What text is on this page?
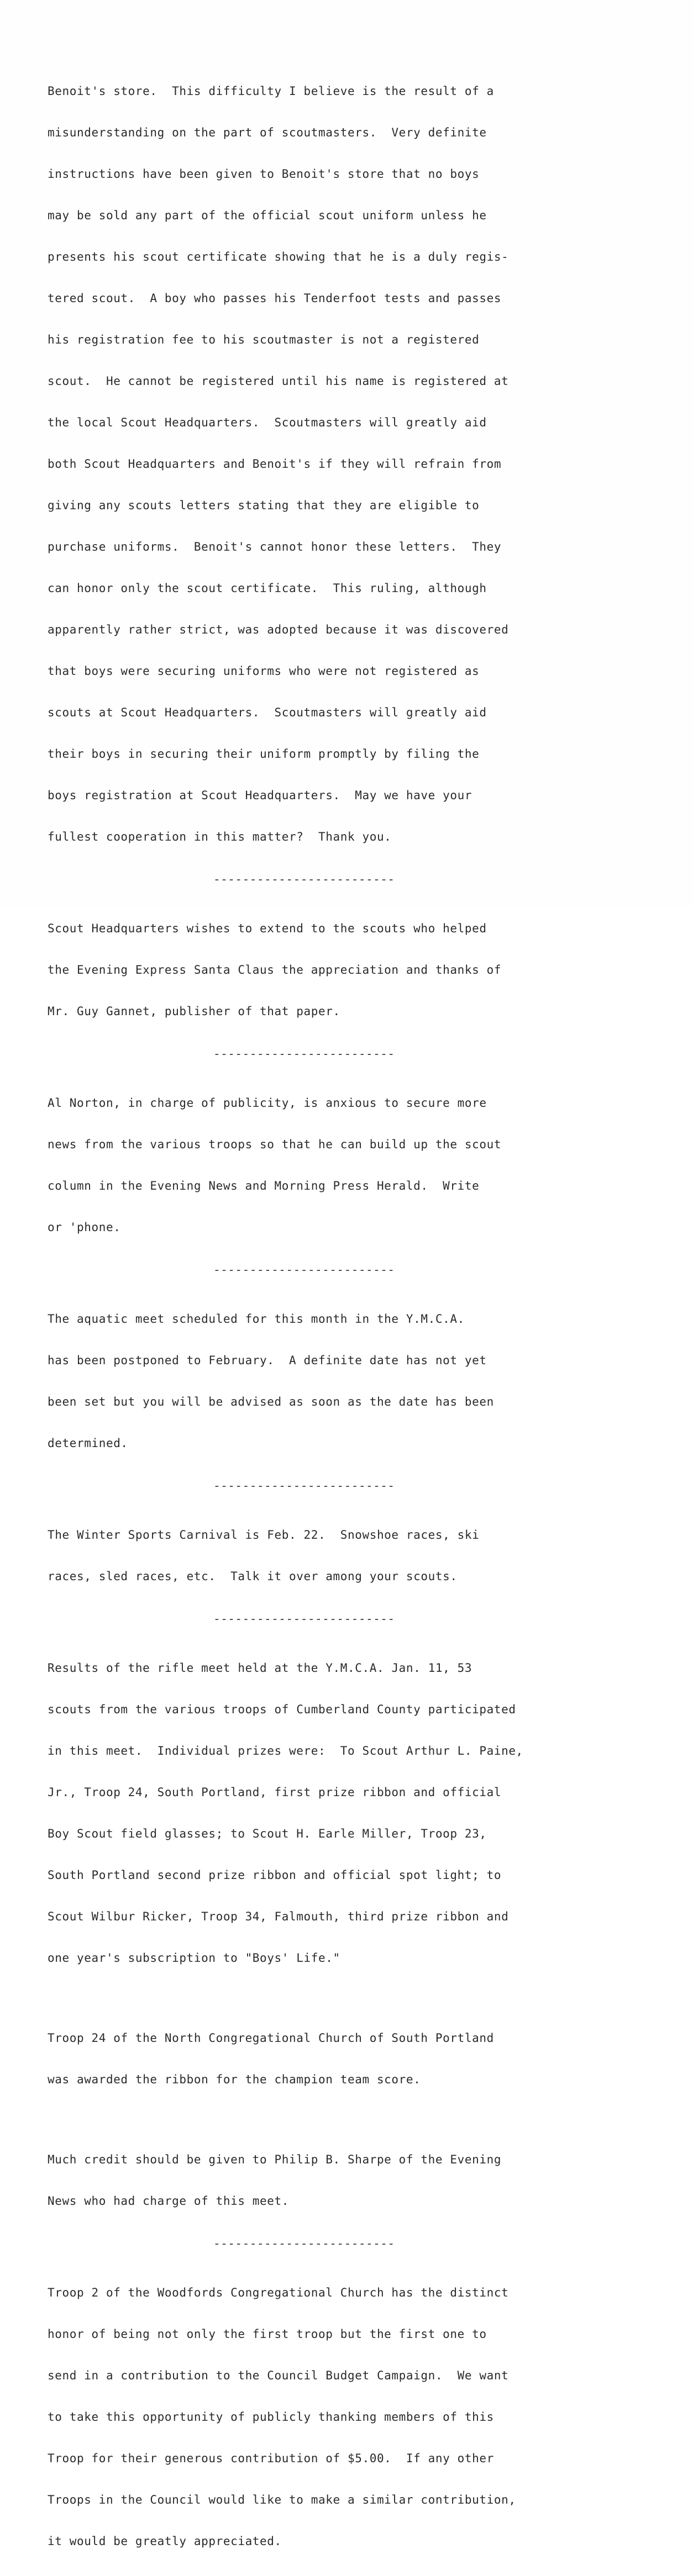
Benoit's store.  This difficulty I believe is the result of a

misunderstanding on the part of scoutmasters.  Very definite

instructions have been given to Benoit's store that no boys

may be sold any part of the official scout uniform unless he

presents his scout certificate showing that he is a duly regis-

tered scout.  A boy who passes his Tenderfoot tests and passes

his registration fee to his scoutmaster is not a registered

scout.  He cannot be registered until his name is registered at

the local Scout Headquarters.  Scoutmasters will greatly aid

both Scout Headquarters and Benoit's if they will refrain from

giving any scouts letters stating that they are eligible to

purchase uniforms.  Benoit's cannot honor these letters.  They

can honor only the scout certificate.  This ruling, although

apparently rather strict, was adopted because it was discovered

that boys were securing uniforms who were not registered as

scouts at Scout Headquarters.  Scoutmasters will greatly aid

their boys in securing their uniform promptly by filing the

boys registration at Scout Headquarters.  May we have your

fullest cooperation in this matter?  Thank you.

-------------------------

Scout Headquarters wishes to extend to the scouts who helped

the Evening Express Santa Claus the appreciation and thanks of

Mr. Guy Gannet, publisher of that paper.

-------------------------

Al Norton, in charge of publicity, is anxious to secure more

news from the various troops so that he can build up the scout

column in the Evening News and Morning Press Herald.  Write

or 'phone.

-------------------------

The aquatic meet scheduled for this month in the Y.M.C.A.

has been postponed to February.  A definite date has not yet

been set but you will be advised as soon as the date has been

determined.

-------------------------

The Winter Sports Carnival is Feb. 22.  Snowshoe races, ski

races, sled races, etc.  Talk it over among your scouts.

-------------------------

Results of the rifle meet held at the Y.M.C.A. Jan. 11, 53

scouts from the various troops of Cumberland County participated

in this meet.  Individual prizes were:  To Scout Arthur L. Paine,

Jr., Troop 24, South Portland, first prize ribbon and official

Boy Scout field glasses; to Scout H. Earle Miller, Troop 23,

South Portland second prize ribbon and official spot light; to

Scout Wilbur Ricker, Troop 34, Falmouth, third prize ribbon and

one year's subscription to "Boys' Life."

Troop 24 of the North Congregational Church of South Portland

was awarded the ribbon for the champion team score.

Much credit should be given to Philip B. Sharpe of the Evening

News who had charge of this meet.

-------------------------

Troop 2 of the Woodfords Congregational Church has the distinct

honor of being not only the first troop but the first one to

send in a contribution to the Council Budget Campaign.  We want

to take this opportunity of publicly thanking members of this

Troop for their generous contribution of $5.00.  If any other

Troops in the Council would like to make a similar contribution,

it would be greatly appreciated.
